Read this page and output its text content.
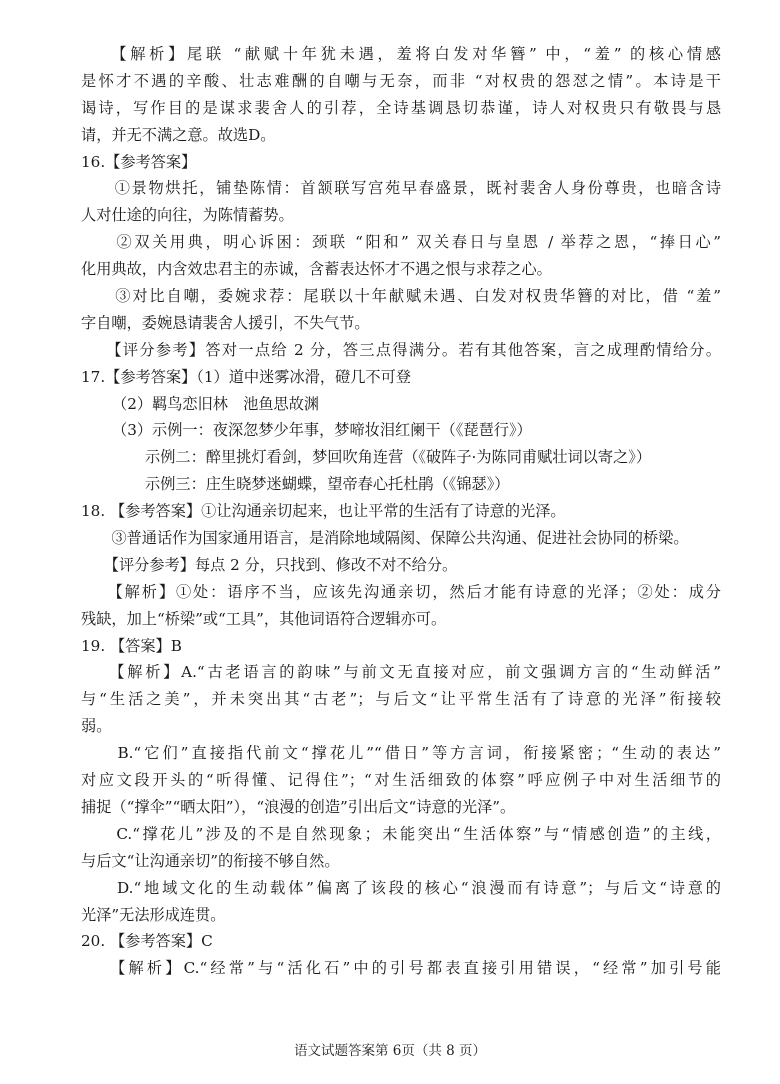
　　【解析】尾联 “献赋十年犹未遇，羞将白发对华簪” 中，“羞” 的核心情感
是怀才不遇的辛酸、壮志难酬的自嘲与无奈，而非 “对权贵的怨怼之情”。本诗是干
谒诗，写作目的是谋求裴舍人的引荐，全诗基调恳切恭谨，诗人对权贵只有敬畏与恳
请，并无不满之意。故选D。
16.【参考答案】
　　①景物烘托，铺垫陈情：首颔联写宫苑早春盛景，既衬裴舍人身份尊贵，也暗含诗
人对仕途的向往，为陈情蓄势。
　　②双关用典，明心诉困：颈联 “阳和” 双关春日与皇恩 / 举荐之恩，“捧日心”
化用典故，内含效忠君主的赤诚，含蓄表达怀才不遇之恨与求荐之心。
　　③对比自嘲，委婉求荐：尾联以十年献赋未遇、白发对权贵华簪的对比，借 “羞”
字自嘲，委婉恳请裴舍人援引，不失气节。
　　【评分参考】答对一点给 2 分，答三点得满分。若有其他答案，言之成理酌情给分。
17.【参考答案】（1）道中迷雾冰滑，磴几不可登
（2）羁鸟恋旧林　池鱼思故渊
（3）示例一：夜深忽梦少年事，梦啼妆泪红阑干（《琵琶行》）
示例二：醉里挑灯看剑，梦回吹角连营（《破阵子·为陈同甫赋壮词以寄之》）
示例三：庄生晓梦迷蝴蝶，望帝春心托杜鹃（《锦瑟》）
18. 【参考答案】①让沟通亲切起来，也让平常的生活有了诗意的光泽。
　　③普通话作为国家通用语言，是消除地域隔阂、保障公共沟通、促进社会协同的桥梁。
　　【评分参考】每点 2 分，只找到、修改不对不给分。
　　【解析】①处：语序不当，应该先沟通亲切，然后才能有诗意的光泽；②处：成分
残缺，加上“桥梁”或“工具”，其他词语符合逻辑亦可。
19. 【答案】B
　　【解析】A.“古老语言的韵味”与前文无直接对应，前文强调方言的“生动鲜活”
与“生活之美”，并未突出其“古老”；与后文“让平常生活有了诗意的光泽”衔接较
弱。
　　B.“它们”直接指代前文“撑花儿”“借日”等方言词，衔接紧密；“生动的表达”
对应文段开头的“听得懂、记得住”；“对生活细致的体察”呼应例子中对生活细节的
捕捉（“撑伞”“晒太阳”），“浪漫的创造”引出后文“诗意的光泽”。
　　C.“撑花儿”涉及的不是自然现象；未能突出“生活体察”与“情感创造”的主线，
与后文“让沟通亲切”的衔接不够自然。
　　D.“地域文化的生动载体”偏离了该段的核心“浪漫而有诗意”；与后文“诗意的
光泽”无法形成连贯。
20. 【参考答案】C
　　【解析】C.“经常”与“活化石”中的引号都表直接引用错误，“经常”加引号能
语文试题答案第 6页（共 8 页）
